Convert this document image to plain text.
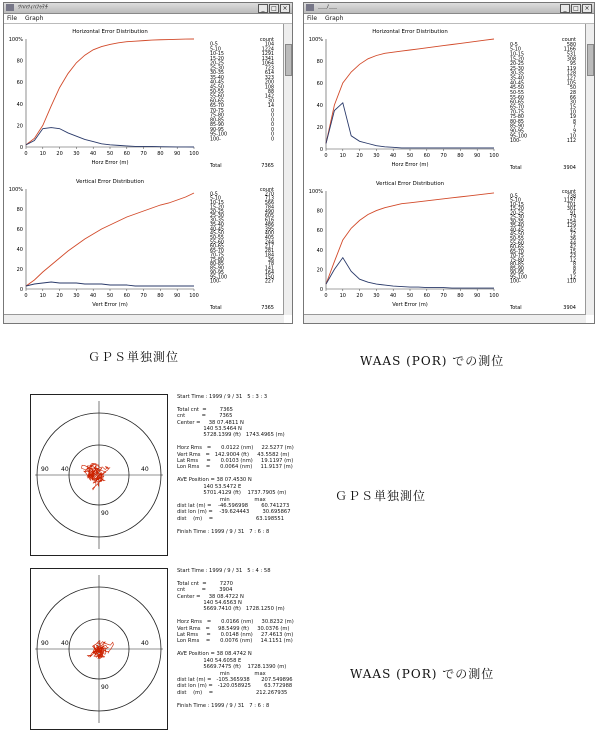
ﾂﾊﾊﾂｨﾊﾌｩﾃﾁ	_	□ ×
File Graph
Horizontal Error Distribution
0 10 20 30 40 50 60 70 80 90 100
0
20
40
60
80
100%
Horz Error (m)
count
0-5	104
5-10	1224
10-15	1291
15-20	1341
20-25	1064
25-30	723
30-35	614
35-40	323
40-45	200
45-50	108
50-55	88
55-60	142
60-65	30
65-70	14
70-75	0
75-80	0
80-85	0
85-90	0
90-95	0
95-100	0
100-	0
Total	7365
Vertical Error Distribution
0 10 20 30 40 50 60 70 80 90 100
0
20
40
60
80
100%
Vert Error (m)
count
0-5	270
5-10	713
10-15	566
15-20	784
20-25	490
25-30	605
30-35	616
35-40	486
40-45	395
45-50	400
50-55	405
55-60	244
60-65	217
65-70	281
70-75	184
75-80	36
80-85	78
85-90	141
90-95	164
95-100	150
100-	227
Total	7365
‥‥ﾉ‥‥	_	□ ×
File Graph
Horizontal Error Distribution
0 10 20 30 40 50 60 70 80 90 100
0
20
40
60
80
100%
Horz Error (m)
count
0-5	580
5-10	1166
10-15	531
15-20	308
20-25	95
25-30	119
30-35	128
35-40	127
40-45	105
45-50	50
50-55	28
55-60	66
60-65	30
65-70	15
70-75	10
75-80	19
80-85	8
85-90	7
90-95	9
95-100	10
100-	112
Total	3904
Vertical Error Distribution
0 10 20 30 40 50 60 70 80 90 100
0
20
40
60
80
100%
Vert Error (m)
count
0-5	738
5-10	1197
10-15	701
15-20	301
20-25	91
25-30	79
30-35	154
35-40	129
40-45	42
45-50	72
50-55	36
55-60	44
60-65	42
65-70	15
70-75	23
75-80	12
80-85	8
85-90	8
90-95	6
95-100	12
100-	110
Total	3904
ＧＰＳ単独測位	WAAS (POR) での測位
90 40	40
90
Start Time : 1999 / 9 / 31   5 : 3 : 3

Total cnt  =        7365
cnt          =        7365
Center =     38 07.4811 N
140 53.5464 N
5728.1399 (ft)   1743.4965 (m)

Horz Rms   =      0.0122 (nm)     22.5277 (m)
Vert Rms   =   142.9004 (ft)     43.5582 (m)
Lat Rms     =      0.0103 (nm)     19.1197 (m)
Lon Rms    =      0.0064 (nm)     11.9137 (m)

AVE Position = 38 07.4530 N
140 53.5472 E
5701.4129 (ft)    1737.7905 (m)
min               max
dist lat (m) =    -46.596998        60.741273
dist lon (m) =    -39.624443        30.695867
dist    (m)    =                          63.198551

Finish Time : 1999 / 9 / 31   7 : 6 : 8
ＧＰＳ単独測位
90 40	40
90
Start Time : 1999 / 9 / 31   5 : 4 : 58

Total cnt  =        7270
cnt          =        3904
Center =     38 08.4722 N
140 54.6563 N
5669.7410 (ft)   1728.1250 (m)

Horz Rms   =      0.0166 (nm)     30.8232 (m)
Vert Rms   =     98.5499 (ft)     30.0376 (m)
Lat Rms     =      0.0148 (nm)     27.4613 (m)
Lon Rms    =      0.0076 (nm)     14.1151 (m)

AVE Position = 38 08.4742 N
140 54.6058 E
5669.7475 (ft)    1728.1390 (m)
min               max
dist lat (m) =   -105.365938       207.549896
dist lon (m) =   -120.058925        63.772988
dist    (m)    =                          212.267935

Finish Time : 1999 / 9 / 31   7 : 6 : 8
WAAS (POR) での測位
